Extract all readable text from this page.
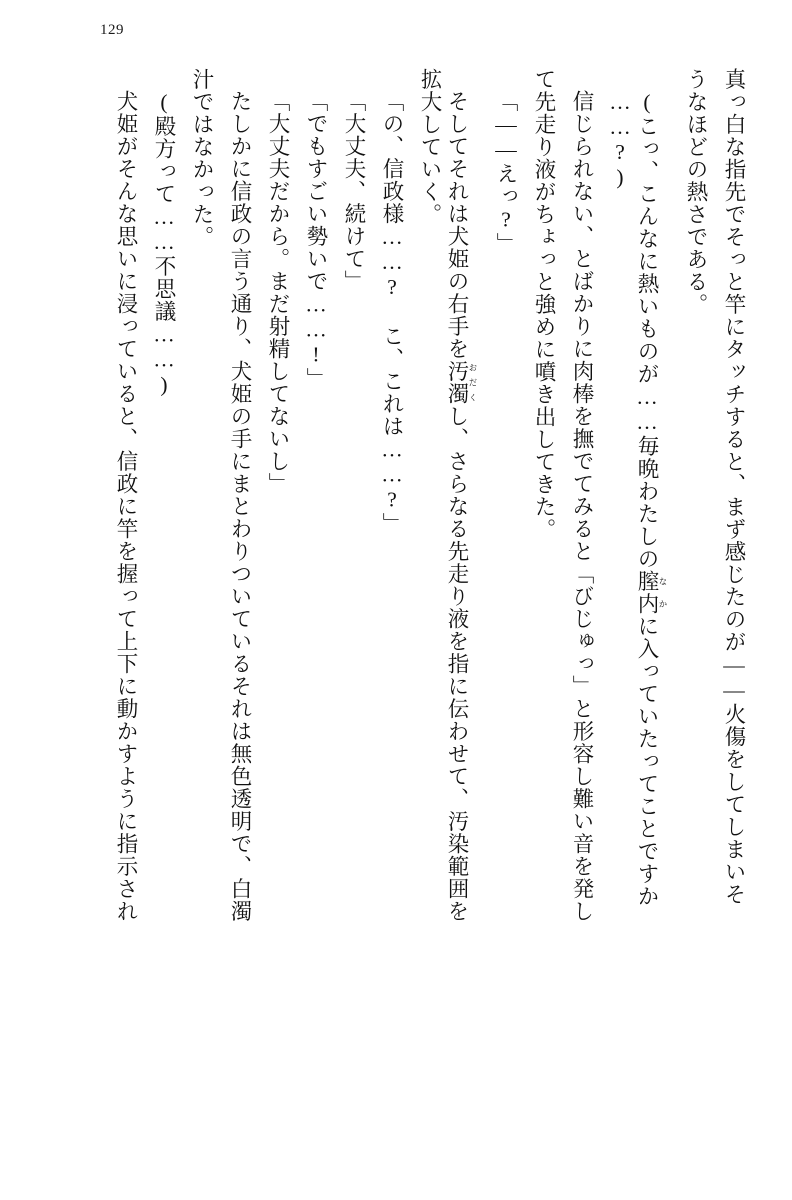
129
真っ白な指先でそっと竿にタッチすると、まず感じたのが――火傷をしてしまいそ
うなほどの熱さである。
(こっ、こんなに熱いものが……毎晩わたしの膣内 なかに入っていたってことですか
……?)
信じられない、とばかりに肉棒を撫でてみると「びじゅっ」と形容し難い音を発し
て先走り液がちょっと強めに噴き出してきた。
「――えっ?」
そしてそれは犬姫の右手を汚濁 おだくし、さらなる先走り液を指に伝わせて、汚染範囲を
拡大していく。
「の、信政様……? こ、これは……?」
「大丈夫、続けて」
「でもすごい勢いで……!」
「大丈夫だから。まだ射精してないし」
たしかに信政の言う通り、犬姫の手にまとわりついているそれは無色透明で、白濁
汁ではなかった。
(殿方って……不思議……)
犬姫がそんな思いに浸っていると、信政に竿を握って上下に動かすように指示され
